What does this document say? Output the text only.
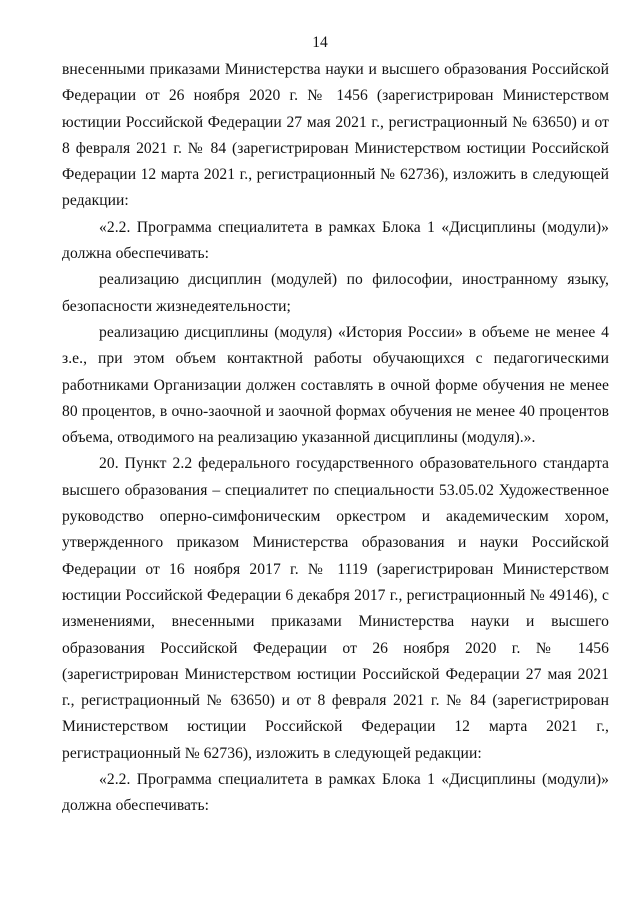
14

внесенными приказами Министерства науки и высшего образования Российской Федерации от 26 ноября 2020 г. № 1456 (зарегистрирован Министерством юстиции Российской Федерации 27 мая 2021 г., регистрационный № 63650) и от 8 февраля 2021 г. № 84 (зарегистрирован Министерством юстиции Российской Федерации 12 марта 2021 г., регистрационный № 62736), изложить в следующей редакции:

«2.2. Программа специалитета в рамках Блока 1 «Дисциплины (модули)» должна обеспечивать:

реализацию дисциплин (модулей) по философии, иностранному языку, безопасности жизнедеятельности;

реализацию дисциплины (модуля) «История России» в объеме не менее 4 з.е., при этом объем контактной работы обучающихся с педагогическими работниками Организации должен составлять в очной форме обучения не менее 80 процентов, в очно-заочной и заочной формах обучения не менее 40 процентов объема, отводимого на реализацию указанной дисциплины (модуля).».

20. Пункт 2.2 федерального государственного образовательного стандарта высшего образования – специалитет по специальности 53.05.02 Художественное руководство оперно-симфоническим оркестром и академическим хором, утвержденного приказом Министерства образования и науки Российской Федерации от 16 ноября 2017 г. № 1119 (зарегистрирован Министерством юстиции Российской Федерации 6 декабря 2017 г., регистрационный № 49146), с изменениями, внесенными приказами Министерства науки и высшего образования Российской Федерации от 26 ноября 2020 г. № 1456 (зарегистрирован Министерством юстиции Российской Федерации 27 мая 2021 г., регистрационный № 63650) и от 8 февраля 2021 г. № 84 (зарегистрирован Министерством юстиции Российской Федерации 12 марта 2021 г., регистрационный № 62736), изложить в следующей редакции:

«2.2. Программа специалитета в рамках Блока 1 «Дисциплины (модули)» должна обеспечивать:
